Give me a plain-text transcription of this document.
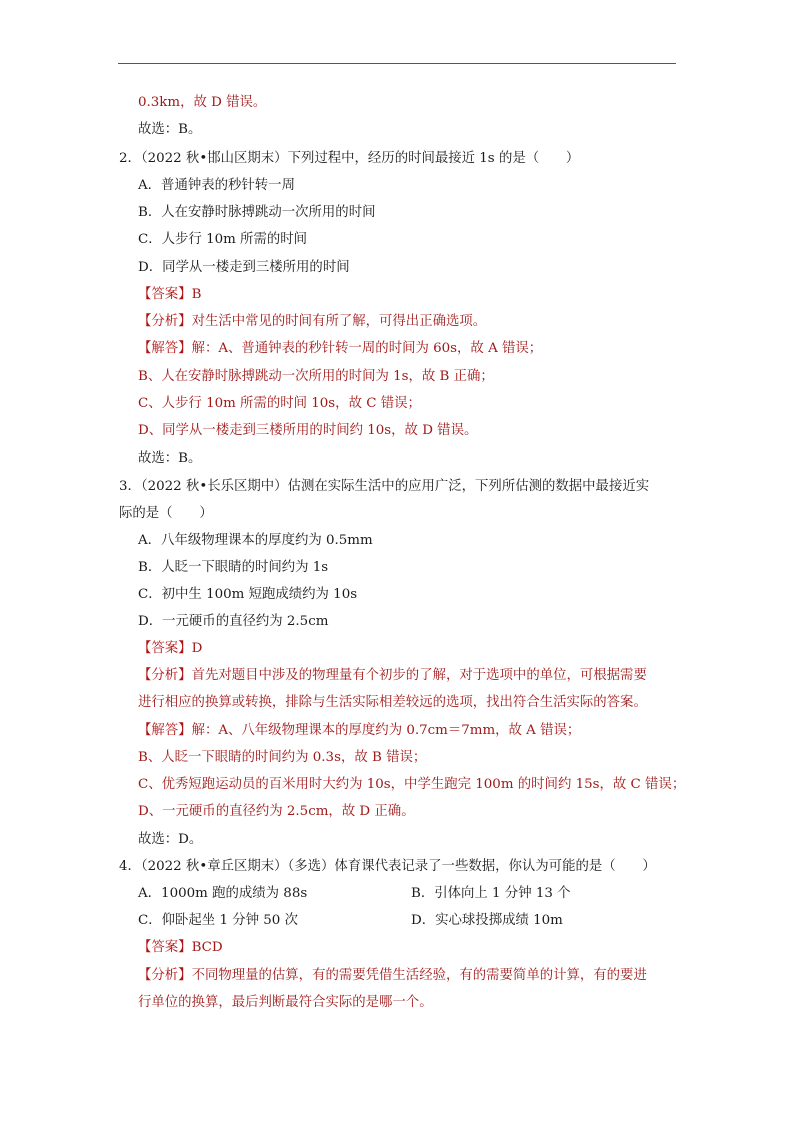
0.3km，故 D 错误。
故选：B。
2．（2022 秋•邯山区期末）下列过程中，经历的时间最接近 1s 的是（　　）
A．普通钟表的秒针转一周
B．人在安静时脉搏跳动一次所用的时间
C．人步行 10m 所需的时间
D．同学从一楼走到三楼所用的时间
【答案】B
【分析】对生活中常见的时间有所了解，可得出正确选项。
【解答】解：A、普通钟表的秒针转一周的时间为 60s，故 A 错误；
B、人在安静时脉搏跳动一次所用的时间为 1s，故 B 正确；
C、人步行 10m 所需的时间 10s，故 C 错误；
D、同学从一楼走到三楼所用的时间约 10s，故 D 错误。
故选：B。
3．（2022 秋•长乐区期中）估测在实际生活中的应用广泛，下列所估测的数据中最接近实
际的是（　　）
A．八年级物理课本的厚度约为 0.5mm
B．人眨一下眼睛的时间约为 1s
C．初中生 100m 短跑成绩约为 10s
D．一元硬币的直径约为 2.5cm
【答案】D
【分析】首先对题目中涉及的物理量有个初步的了解，对于选项中的单位，可根据需要
进行相应的换算或转换，排除与生活实际相差较远的选项，找出符合生活实际的答案。
【解答】解：A、八年级物理课本的厚度约为 0.7cm＝7mm，故 A 错误；
B、人眨一下眼睛的时间约为 0.3s，故 B 错误；
C、优秀短跑运动员的百米用时大约为 10s，中学生跑完 100m 的时间约 15s，故 C 错误；
D、一元硬币的直径约为 2.5cm，故 D 正确。
故选：D。
4．（2022 秋•章丘区期末）（多选）体育课代表记录了一些数据，你认为可能的是（　　）
A．1000m 跑的成绩为 88s	B．引体向上 1 分钟 13 个
C．仰卧起坐 1 分钟 50 次	D．实心球投掷成绩 10m
【答案】BCD
【分析】不同物理量的估算，有的需要凭借生活经验，有的需要简单的计算，有的要进
行单位的换算，最后判断最符合实际的是哪一个。
